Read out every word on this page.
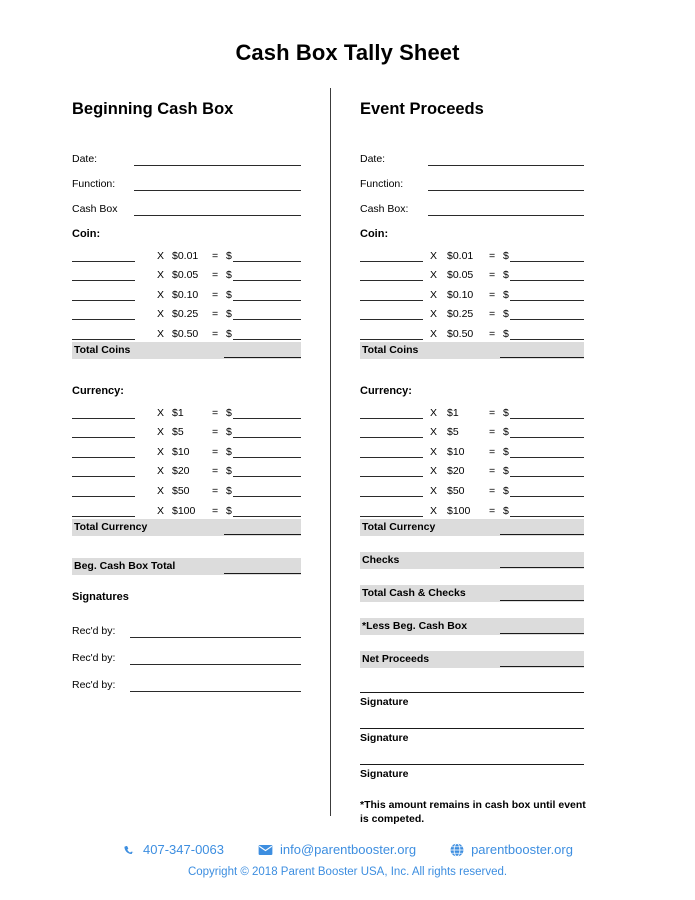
Cash Box Tally Sheet
Beginning Cash Box
Date:
Function:
Cash Box
Coin:
X $0.01	= $
X $0.05	= $
X $0.10	= $
X $0.25	= $
X $0.50	= $
Total Coins
Currency:
X $1	= $
X $5	= $
X $10	= $
X $20	= $
X $50	= $
X $100	= $
Total Currency
Beg. Cash Box Total
Signatures
Rec'd by:
Rec'd by:
Rec'd by:
Event Proceeds
Date:
Function:
Cash Box:
Coin:
X $0.01	= $
X $0.05	= $
X $0.10	= $
X $0.25	= $
X $0.50	= $
Total Coins
Currency:
X $1	= $
X $5	= $
X $10	= $
X $20	= $
X $50	= $
X $100	= $
Total Currency
Checks
Total Cash & Checks
*Less Beg. Cash Box
Net Proceeds
Signature
Signature
Signature
*This amount remains in cash box until event is competed.
407-347-0063	info@parentbooster.org	parentbooster.org
Copyright © 2018 Parent Booster USA, Inc. All rights reserved.
